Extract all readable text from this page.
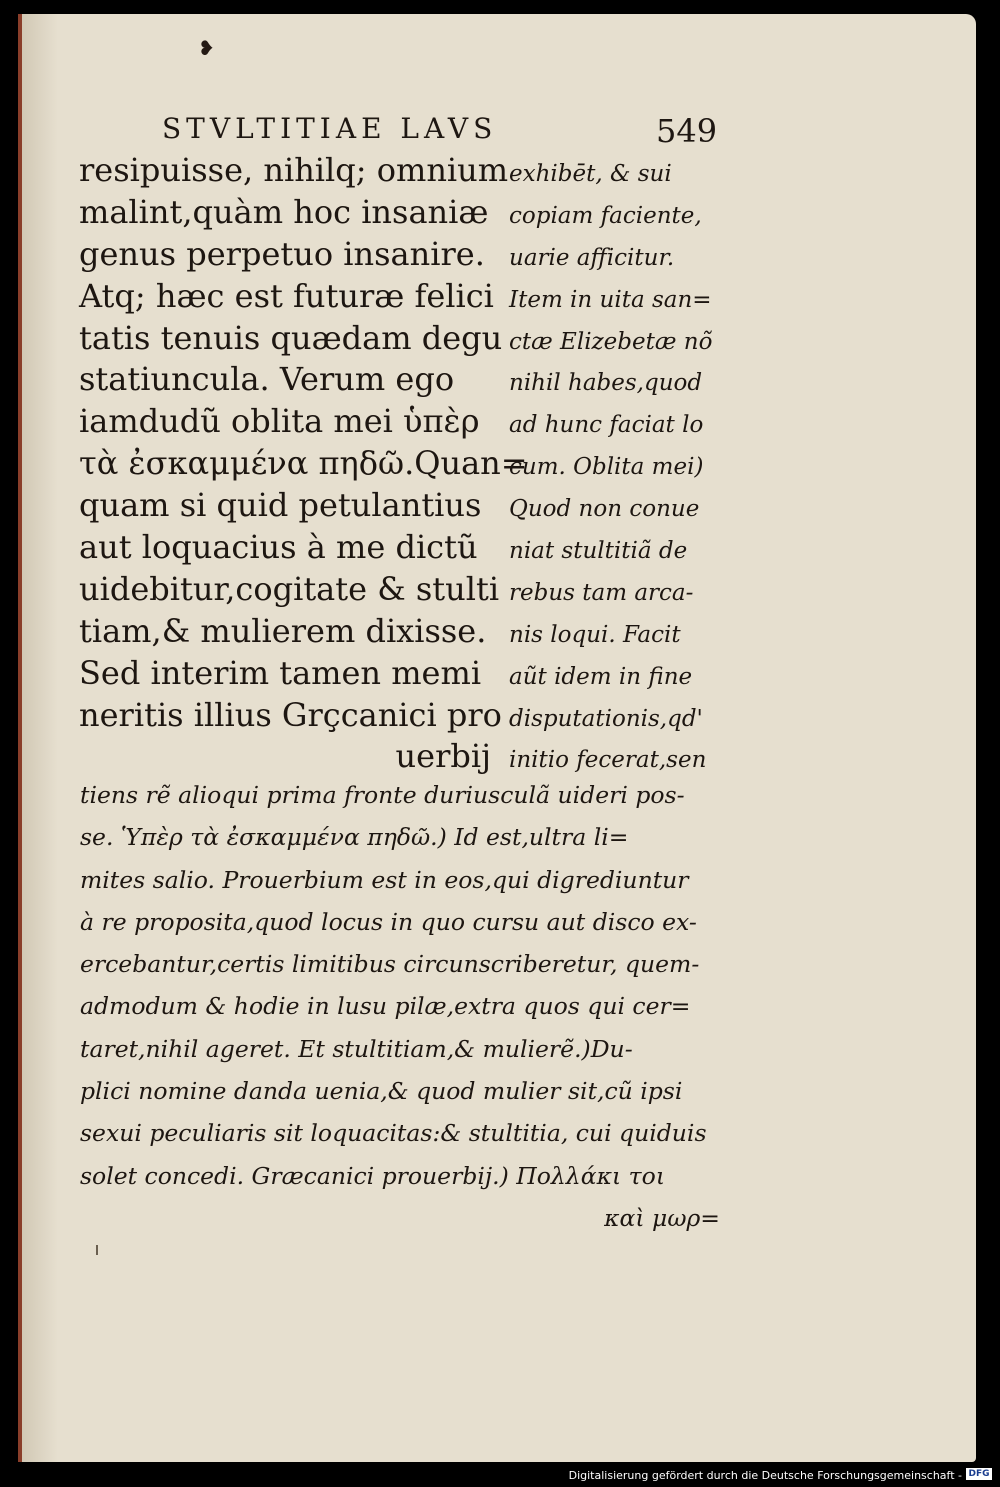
❥
STVLTITIAE LAVS	549
resipuisse, nihilq; omnium
malint,quàm hoc insaniæ
genus perpetuo insanire.
Atq; hæc est futuræ felici
tatis tenuis quædam degu
statiuncula. Verum ego
iamdudũ oblita mei ὑπὲρ
τὰ ἐσκαμμένα πηδῶ.Quan=
quam si quid petulantius
aut loquacius à me dictũ
uidebitur,cogitate & stulti
tiam,& mulierem dixisse.
Sed interim tamen memi
neritis illius Grçcanici pro
uerbij
exhibēt, & sui
copiam faciente,
uarie afficitur.
Item in uita san=
ctæ Elizebetæ nõ
nihil habes,quod
ad hunc faciat lo
cum. Oblita mei)
Quod non conue
niat stultitiã de
rebus tam arca-
nis loqui. Facit
aũt idem in fine
disputationis,qd'
initio fecerat,sen
tiens rẽ alioqui prima fronte duriusculã uideri pos-
se. Ὑπὲρ τὰ ἐσκαμμένα πηδῶ.) Id est,ultra li=
mites salio. Prouerbium est in eos,qui digrediuntur
à re proposita,quod locus in quo cursu aut disco ex-
ercebantur,certis limitibus circunscriberetur, quem-
admodum & hodie in lusu pilæ,extra quos qui cer=
taret,nihil ageret. Et stultitiam,& mulierẽ.)Du-
plici nomine danda uenia,& quod mulier sit,cũ ipsi
sexui peculiaris sit loquacitas:& stultitia, cui quiduis
solet concedi. Græcanici prouerbij.) Πολλάκι τοι
καὶ μωρ=
Digitalisierung gefördert durch die Deutsche Forschungsgemeinschaft - DFG
